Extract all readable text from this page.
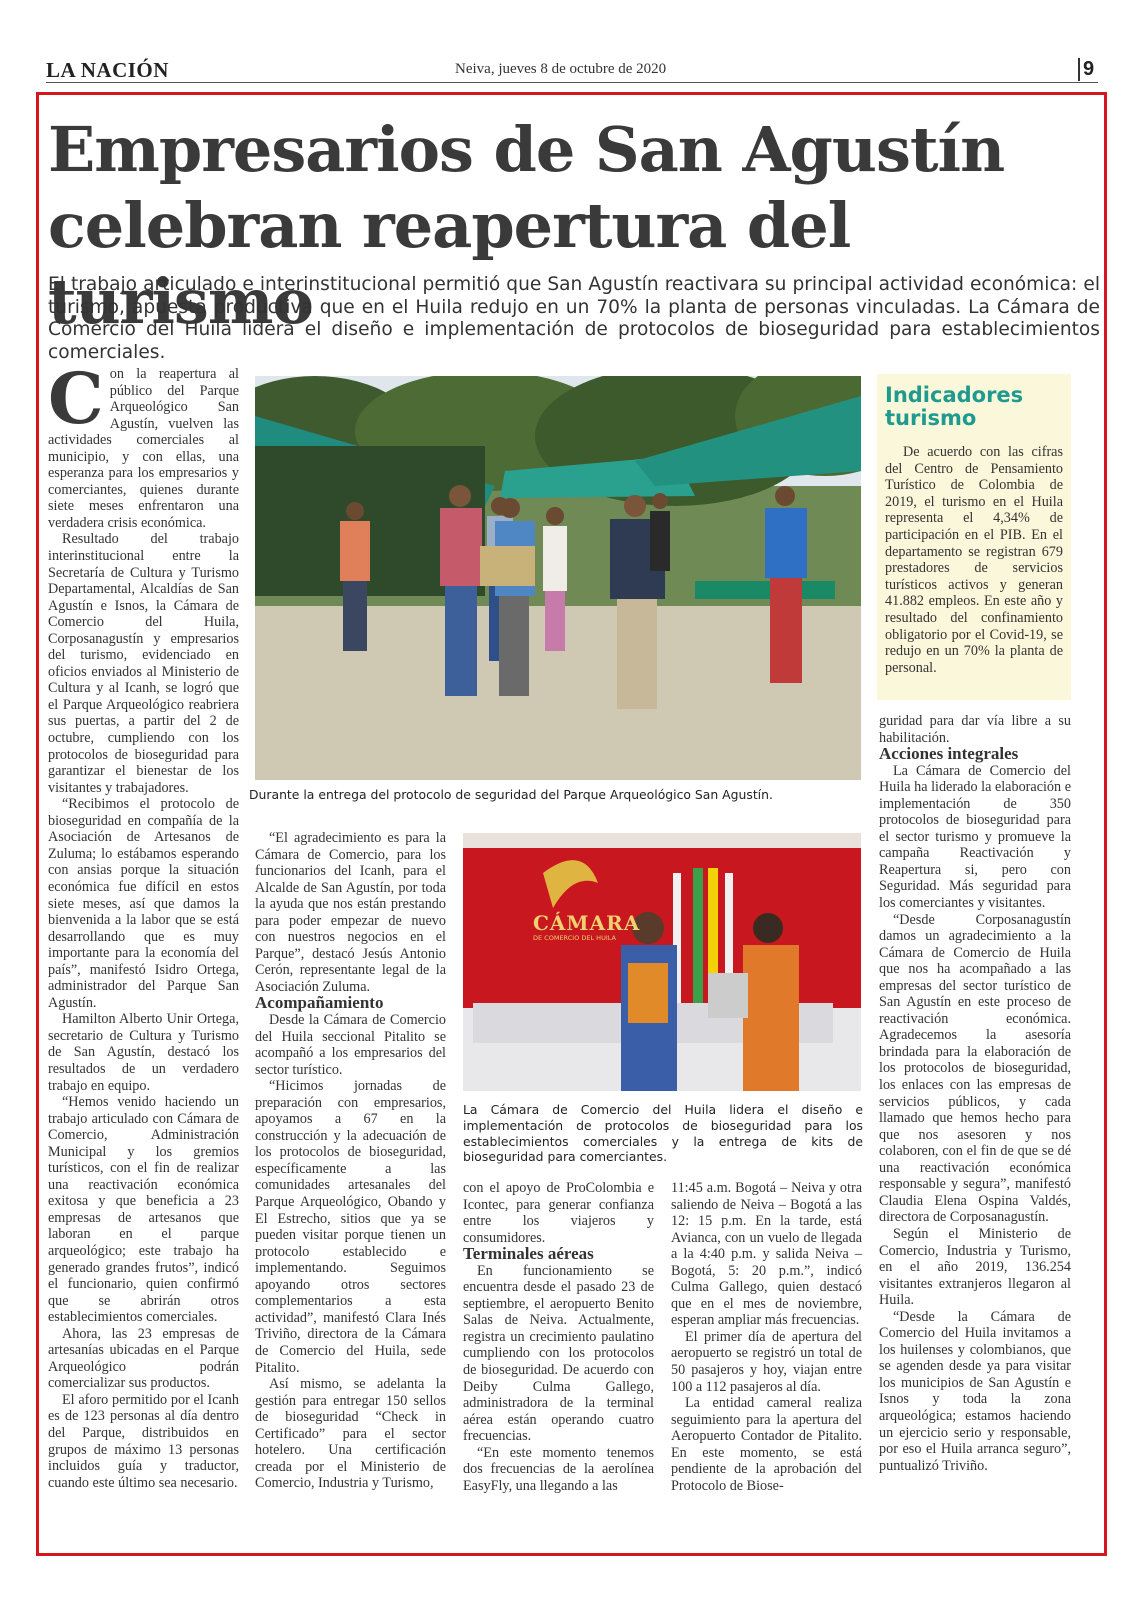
LA NACIÓN	Neiva, jueves 8 de octubre de 2020	9
Empresarios de San Agustín celebran reapertura del turismo

El trabajo articulado e interinstitucional permitió que San Agustín reactivara su principal actividad económica: el turismo, apuesta productiva que en el Huila redujo en un 70% la planta de personas vinculadas. La Cámara de Comercio del Huila lidera el diseño e implementación de protocolos de bioseguridad para establecimientos comerciales.

Con la reapertura al público del Parque Arqueológico San Agustín, vuelven las actividades comerciales al municipio, y con ellas, una esperanza para los empresarios y comerciantes, quienes durante siete meses enfrentaron una verdadera crisis económica.

Resultado del trabajo interinstitucional entre la Secretaría de Cultura y Turismo Departamental, Alcaldías de San Agustín e Isnos, la Cámara de Comercio del Huila, Corposanagustín y empresarios del turismo, evidenciado en oficios enviados al Ministerio de Cultura y al Icanh, se logró que el Parque Arqueológico reabriera sus puertas, a partir del 2 de octubre, cumpliendo con los protocolos de bioseguridad para garantizar el bienestar de los visitantes y trabajadores.

“Recibimos el protocolo de bioseguridad en compañía de la Asociación de Artesanos de Zuluma; lo estábamos esperando con ansias porque la situación económica fue difícil en estos siete meses, así que damos la bienvenida a la labor que se está desarrollando que es muy importante para la economía del país”, manifestó Isidro Ortega, administrador del Parque San Agustín.

Hamilton Alberto Unir Ortega, secretario de Cultura y Turismo de San Agustín, destacó los resultados de un verdadero trabajo en equipo.

“Hemos venido haciendo un trabajo articulado con Cámara de Comercio, Administración Municipal y los gremios turísticos, con el fin de realizar una reactivación económica exitosa y que beneficia a 23 empresas de artesanos que laboran en el parque arqueológico; este trabajo ha generado grandes frutos”, indicó el funcionario, quien confirmó que se abrirán otros establecimientos comerciales.

Ahora, las 23 empresas de artesanías ubicadas en el Parque Arqueológico podrán comercializar sus productos.

El aforo permitido por el Icanh es de 123 personas al día dentro del Parque, distribuidos en grupos de máximo 13 personas incluidos guía y traductor, cuando este último sea necesario.

Durante la entrega del protocolo de seguridad del Parque Arqueológico San Agustín.

“El agradecimiento es para la Cámara de Comercio, para los funcionarios del Icanh, para el Alcalde de San Agustín, por toda la ayuda que nos están prestando para poder empezar de nuevo con nuestros negocios en el Parque”, destacó Jesús Antonio Cerón, representante legal de la Asociación Zuluma.

Acompañamiento

Desde la Cámara de Comercio del Huila seccional Pitalito se acompañó a los empresarios del sector turístico.

“Hicimos jornadas de preparación con empresarios, apoyamos a 67 en la construcción y la adecuación de los protocolos de bioseguridad, específicamente a las comunidades artesanales del Parque Arqueológico, Obando y El Estrecho, sitios que ya se pueden visitar porque tienen un protocolo establecido e implementando. Seguimos apoyando otros sectores complementarios a esta actividad”, manifestó Clara Inés Triviño, directora de la Cámara de Comercio del Huila, sede Pitalito.

Así mismo, se adelanta la gestión para entregar 150 sellos de bioseguridad “Check in Certificado” para el sector hotelero. Una certificación creada por el Ministerio de Comercio, Industria y Turismo,

CÁMARA
DE COMERCIO DEL HUILA
La Cámara de Comercio del Huila lidera el diseño e implementación de protocolos de bioseguridad para los establecimientos comerciales y la entrega de kits de bioseguridad para comerciantes.

con el apoyo de ProColombia e Icontec, para generar confianza entre los viajeros y consumidores.

Terminales aéreas

En funcionamiento se encuentra desde el pasado 23 de septiembre, el aeropuerto Benito Salas de Neiva. Actualmente, registra un crecimiento paulatino cumpliendo con los protocolos de bioseguridad. De acuerdo con Deiby Culma Gallego, administradora de la terminal aérea están operando cuatro frecuencias.

“En este momento tenemos dos frecuencias de la aerolínea EasyFly, una llegando a las

11:45 a.m. Bogotá – Neiva y otra saliendo de Neiva – Bogotá a las 12: 15 p.m. En la tarde, está Avianca, con un vuelo de llegada a la 4:40 p.m. y salida Neiva – Bogotá, 5: 20 p.m.”, indicó Culma Gallego, quien destacó que en el mes de noviembre, esperan ampliar más frecuencias.

El primer día de apertura del aeropuerto se registró un total de 50 pasajeros y hoy, viajan entre 100 a 112 pasajeros al día.

La entidad cameral realiza seguimiento para la apertura del Aeropuerto Contador de Pitalito. En este momento, se está pendiente de la aprobación del Protocolo de Biose-

Indicadores turismo

De acuerdo con las cifras del Centro de Pensamiento Turístico de Colombia de 2019, el turismo en el Huila representa el 4,34% de participación en el PIB. En el departamento se registran 679 prestadores de servicios turísticos activos y generan 41.882 empleos. En este año y resultado del confinamiento obligatorio por el Covid-19, se redujo en un 70% la planta de personal.

guridad para dar vía libre a su habilitación.

Acciones integrales

La Cámara de Comercio del Huila ha liderado la elaboración e implementación de 350 protocolos de bioseguridad para el sector turismo y promueve la campaña Reactivación y Reapertura si, pero con Seguridad. Más seguridad para los comerciantes y visitantes.

“Desde Corposanagustín damos un agradecimiento a la Cámara de Comercio de Huila que nos ha acompañado a las empresas del sector turístico de San Agustín en este proceso de reactivación económica. Agradecemos la asesoría brindada para la elaboración de los protocolos de bioseguridad, los enlaces con las empresas de servicios públicos, y cada llamado que hemos hecho para que nos asesoren y nos colaboren, con el fin de que se dé una reactivación económica responsable y segura”, manifestó Claudia Elena Ospina Valdés, directora de Corposanagustín.

Según el Ministerio de Comercio, Industria y Turismo, en el año 2019, 136.254 visitantes extranjeros llegaron al Huila.

“Desde la Cámara de Comercio del Huila invitamos a los huilenses y colombianos, que se agenden desde ya para visitar los municipios de San Agustín e Isnos y toda la zona arqueológica; estamos haciendo un ejercicio serio y responsable, por eso el Huila arranca seguro”, puntualizó Triviño.
